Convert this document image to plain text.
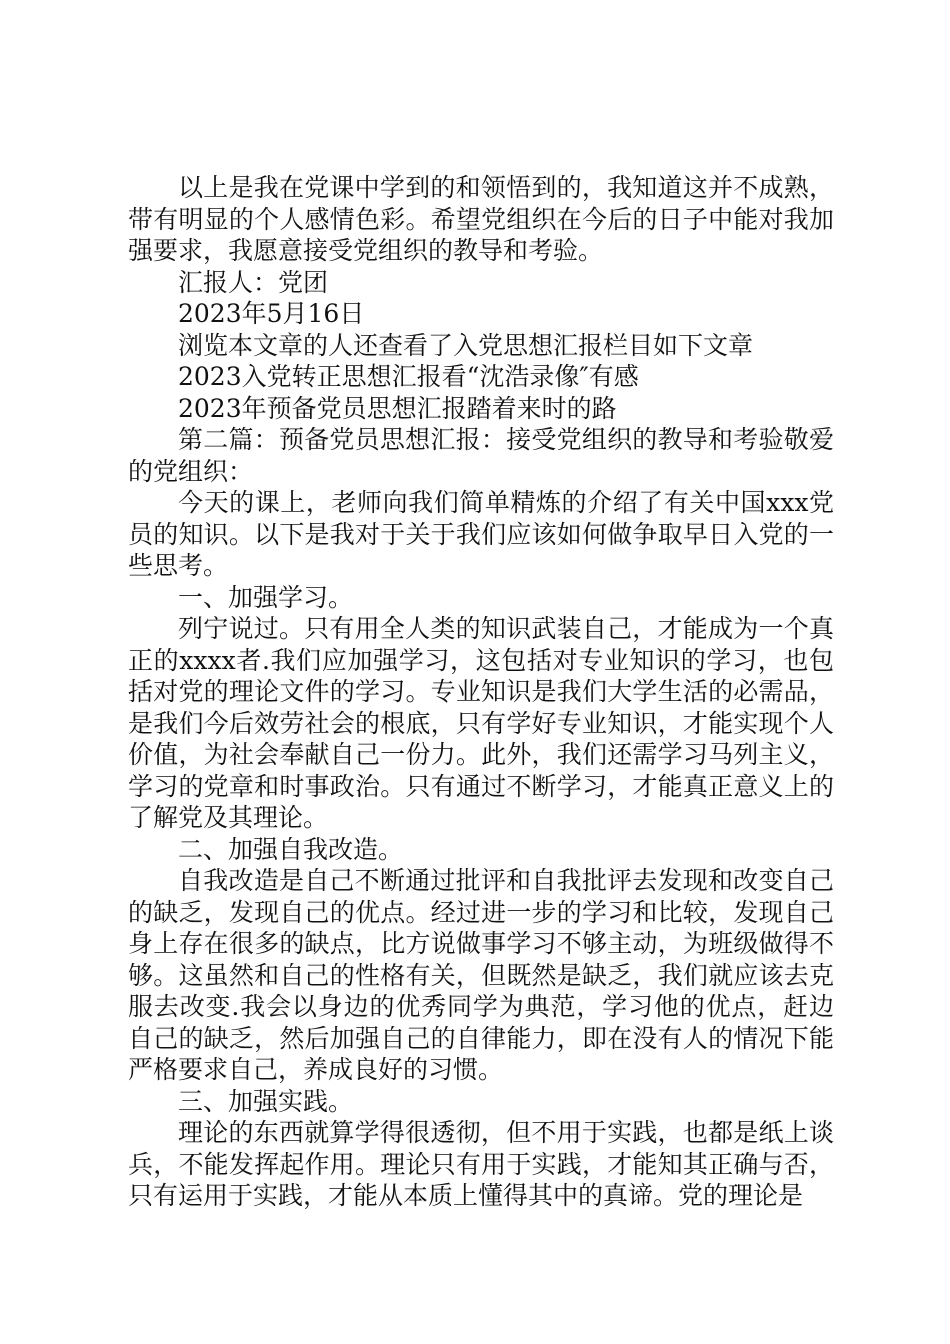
以上是我在党课中学到的和领悟到的，我知道这并不成熟，带有明显的个人感情色彩。希望党组织在今后的日子中能对我加强要求，我愿意接受党组织的教导和考验。

汇报人：党团

2023年5月16日

浏览本文章的人还查看了入党思想汇报栏目如下文章

2023入党转正思想汇报看“沈浩录像″有感

2023年预备党员思想汇报踏着来时的路

第二篇：预备党员思想汇报：接受党组织的教导和考验敬爱的党组织：

今天的课上，老师向我们简单精炼的介绍了有关中国xxx党员的知识。以下是我对于关于我们应该如何做争取早日入党的一些思考。

一、加强学习。

列宁说过。只有用全人类的知识武装自己，才能成为一个真正的xxxx者.我们应加强学习，这包括对专业知识的学习，也包括对党的理论文件的学习。专业知识是我们大学生活的必需品，是我们今后效劳社会的根底，只有学好专业知识，才能实现个人价值，为社会奉献自己一份力。此外，我们还需学习马列主义，学习的党章和时事政治。只有通过不断学习，才能真正意义上的了解党及其理论。

二、加强自我改造。

自我改造是自己不断通过批评和自我批评去发现和改变自己的缺乏，发现自己的优点。经过进一步的学习和比较，发现自己身上存在很多的缺点，比方说做事学习不够主动，为班级做得不够。这虽然和自己的性格有关，但既然是缺乏，我们就应该去克服去改变.我会以身边的优秀同学为典范，学习他的优点，赶边自己的缺乏，然后加强自己的自律能力，即在没有人的情况下能严格要求自己，养成良好的习惯。

三、加强实践。

理论的东西就算学得很透彻，但不用于实践，也都是纸上谈兵，不能发挥起作用。理论只有用于实践，才能知其正确与否，只有运用于实践，才能从本质上懂得其中的真谛。党的理论是
